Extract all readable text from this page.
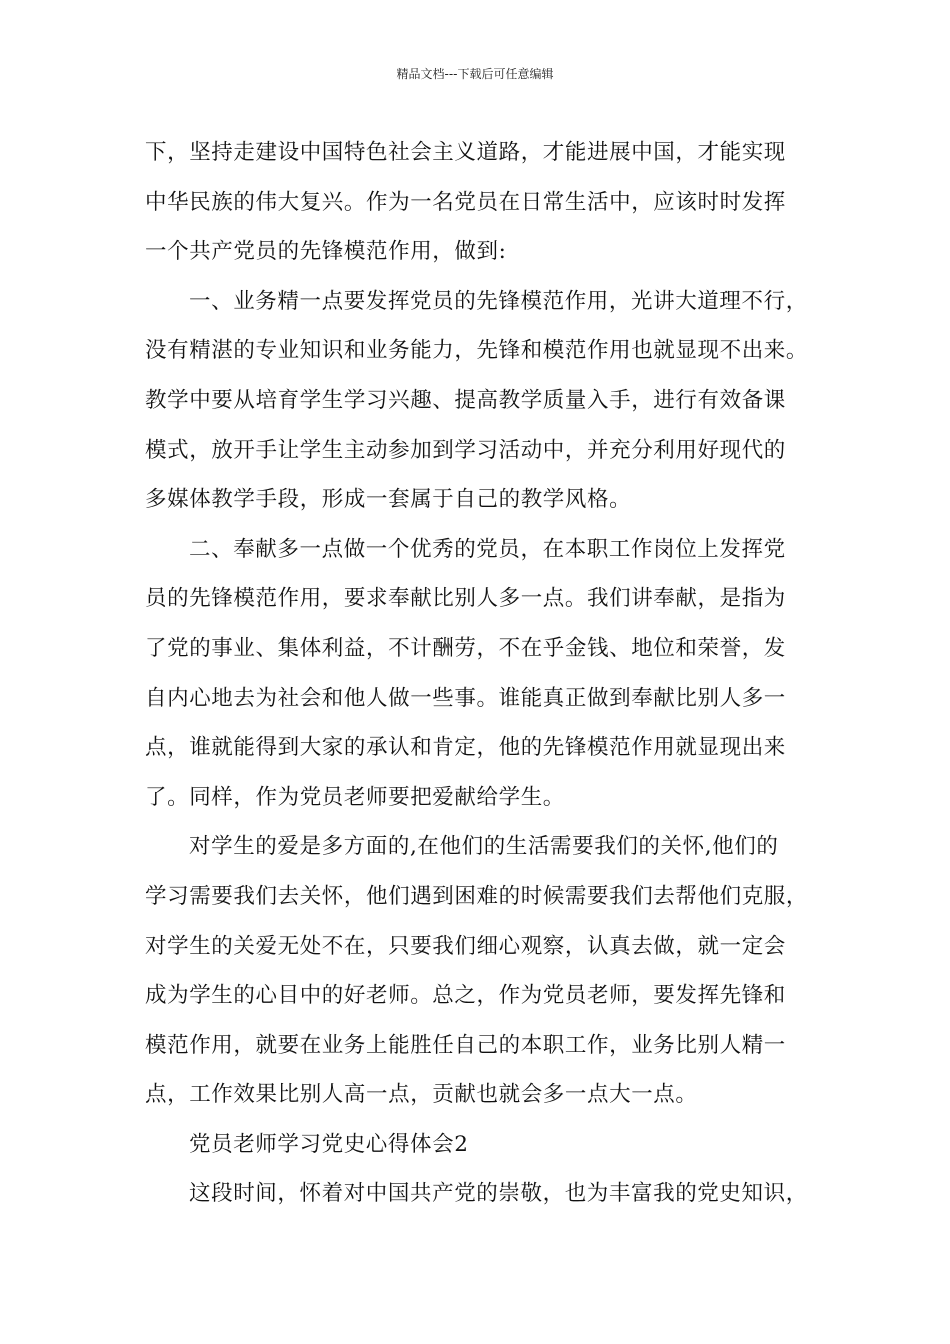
精品文档---下载后可任意编辑
下，坚持走建设中国特色社会主义道路，才能进展中国，才能实现
中华民族的伟大复兴。作为一名党员在日常生活中，应该时时发挥
一个共产党员的先锋模范作用，做到:
一、业务精一点要发挥党员的先锋模范作用，光讲大道理不行，
没有精湛的专业知识和业务能力，先锋和模范作用也就显现不出来。
教学中要从培育学生学习兴趣、提高教学质量入手，进行有效备课
模式，放开手让学生主动参加到学习活动中，并充分利用好现代的
多媒体教学手段，形成一套属于自己的教学风格。
二、奉献多一点做一个优秀的党员，在本职工作岗位上发挥党
员的先锋模范作用，要求奉献比别人多一点。我们讲奉献，是指为
了党的事业、集体利益，不计酬劳，不在乎金钱、地位和荣誉，发
自内心地去为社会和他人做一些事。谁能真正做到奉献比别人多一
点，谁就能得到大家的承认和肯定，他的先锋模范作用就显现出来
了。同样，作为党员老师要把爱献给学生。
对学生的爱是多方面的,在他们的生活需要我们的关怀,他们的
学习需要我们去关怀，他们遇到困难的时候需要我们去帮他们克服，
对学生的关爱无处不在，只要我们细心观察，认真去做，就一定会
成为学生的心目中的好老师。总之，作为党员老师，要发挥先锋和
模范作用，就要在业务上能胜任自己的本职工作，业务比别人精一
点，工作效果比别人高一点，贡献也就会多一点大一点。
党员老师学习党史心得体会2
这段时间，怀着对中国共产党的崇敬，也为丰富我的党史知识，
